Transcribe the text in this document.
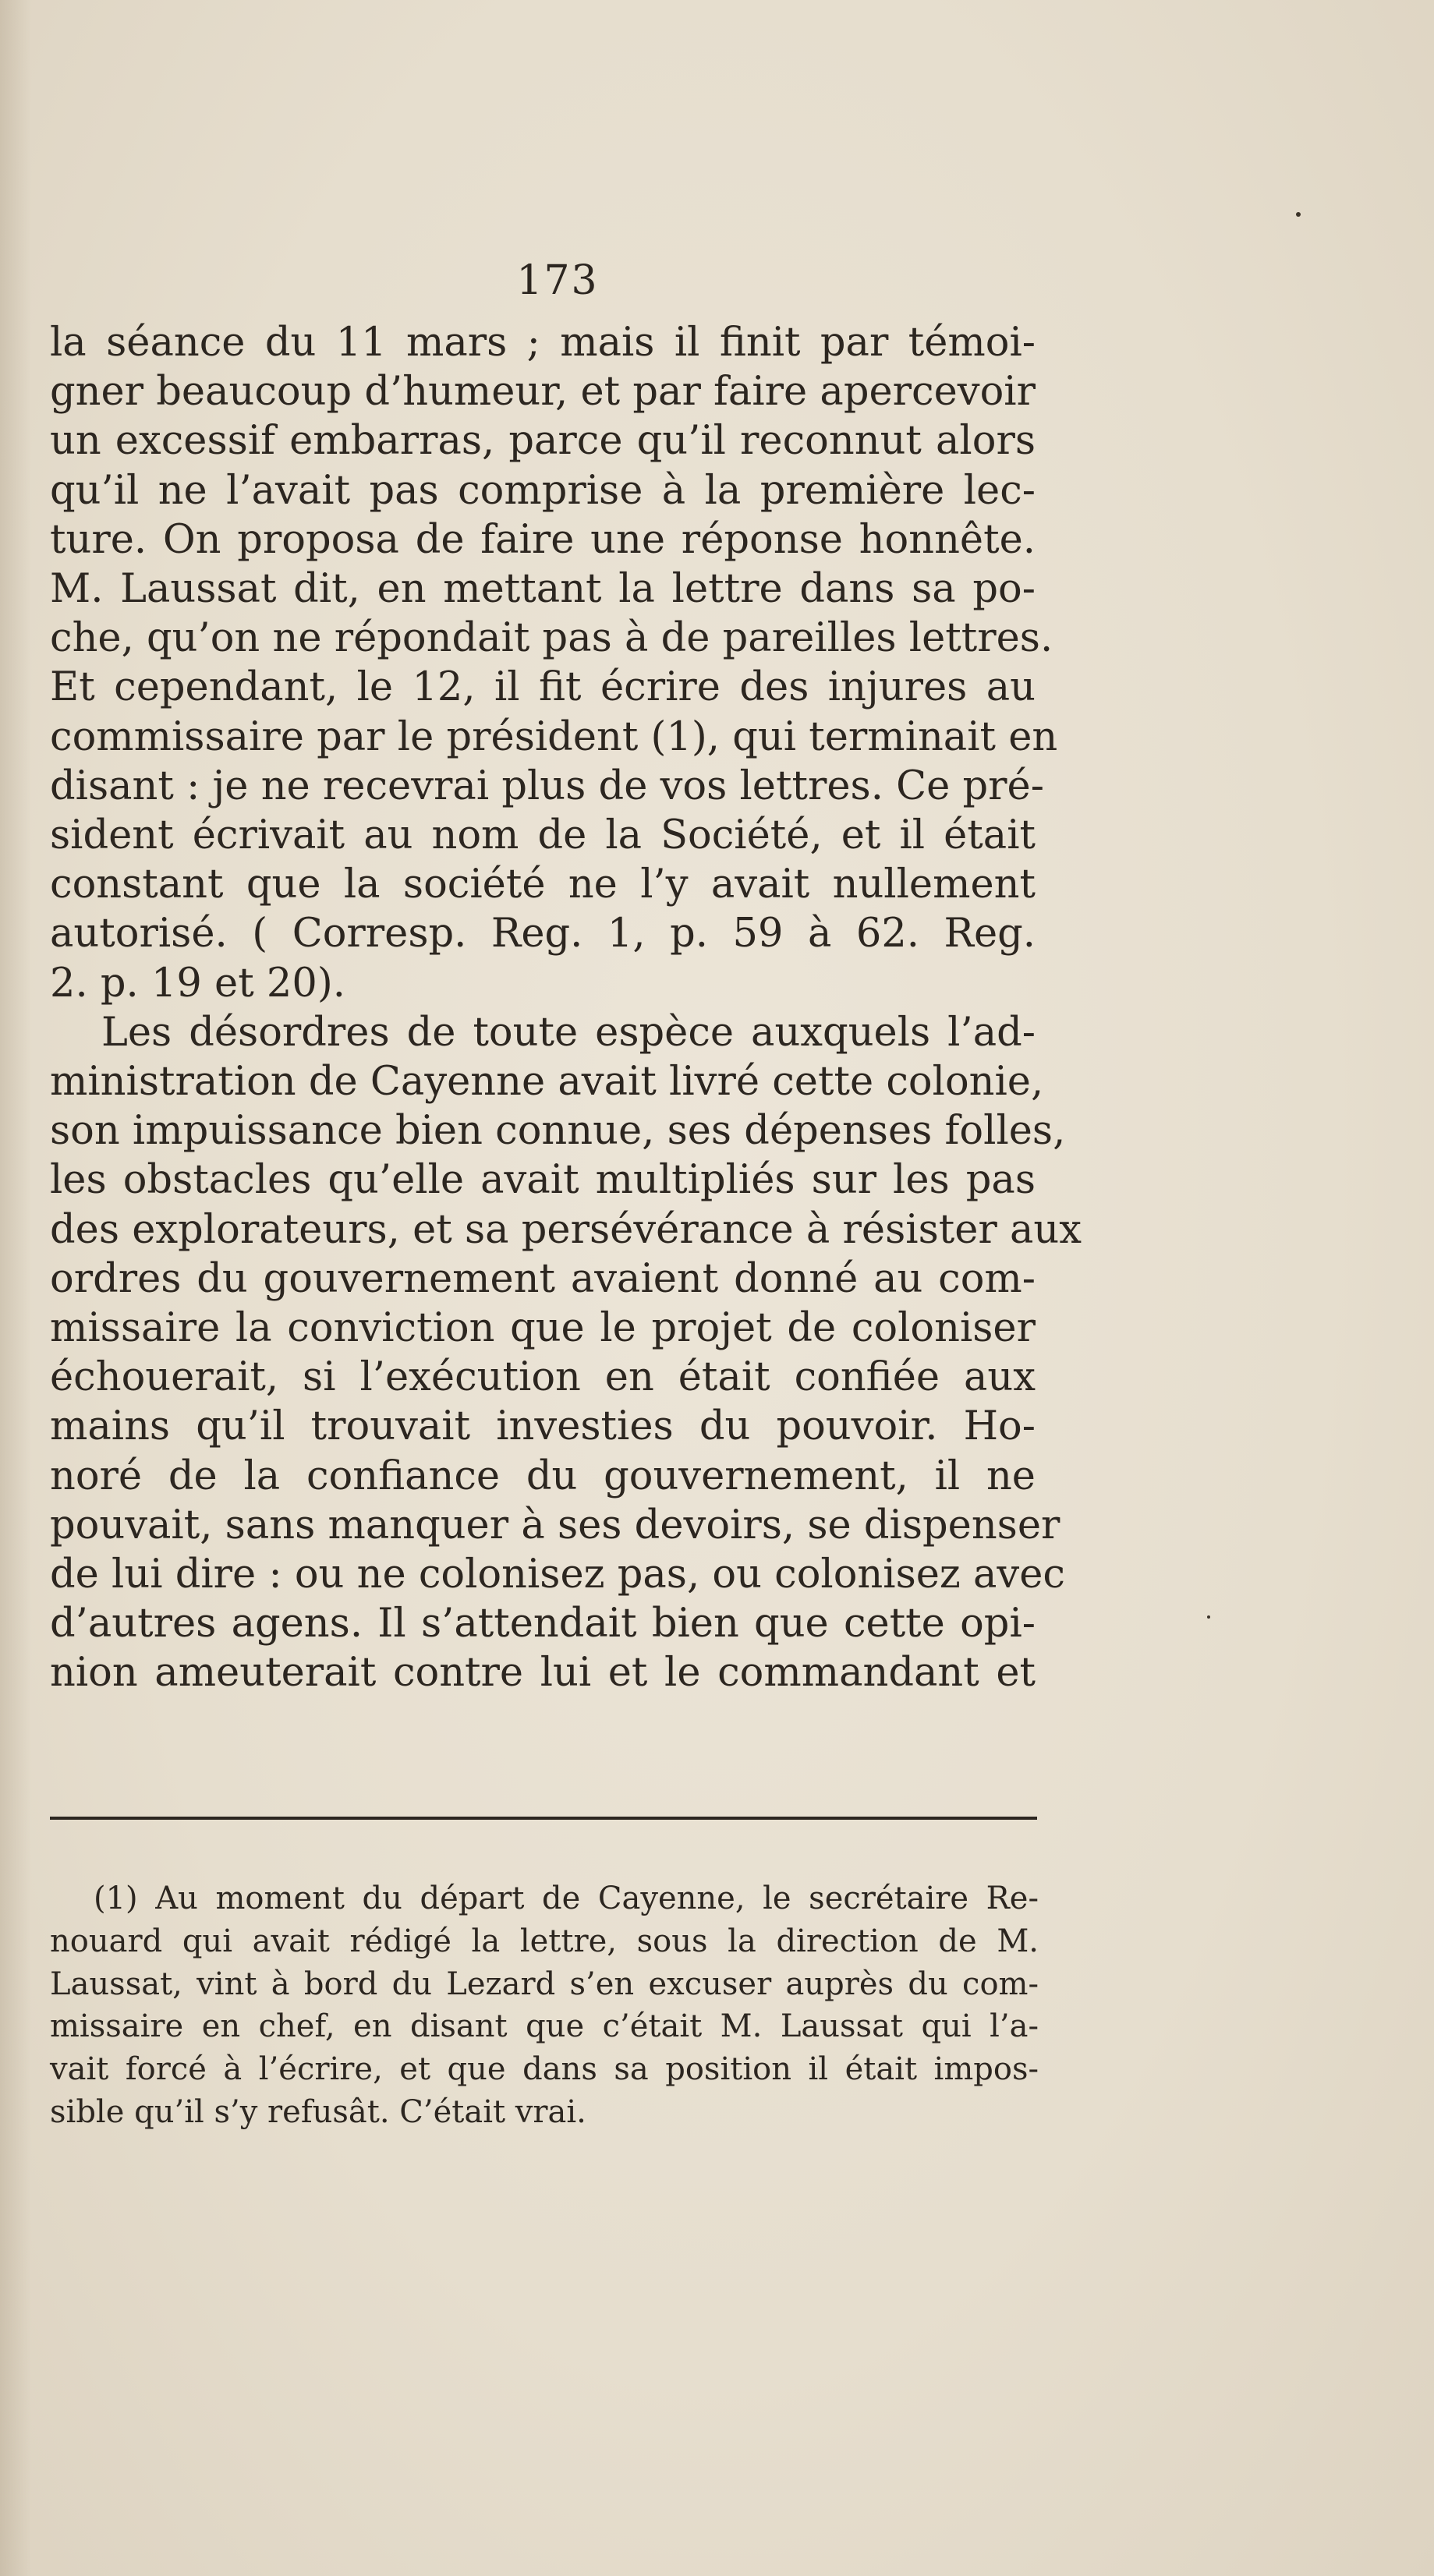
173
la séance du 11 mars ; mais il finit par témoi-
gner beaucoup d’humeur, et par faire apercevoir
un excessif embarras, parce qu’il reconnut alors
qu’il ne l’avait pas comprise à la première lec-
ture. On proposa de faire une réponse honnête.
M. Laussat dit, en mettant la lettre dans sa po-
che, qu’on ne répondait pas à de pareilles lettres.
Et cependant, le 12, il fit écrire des injures au
commissaire par le président (1), qui terminait en
disant : je ne recevrai plus de vos lettres. Ce pré-
sident écrivait au nom de la Société, et il était
constant que la société ne l’y avait nullement
autorisé. ( Corresp. Reg. 1, p. 59 à 62. Reg.
2. p. 19 et 20).
Les désordres de toute espèce auxquels l’ad-
ministration de Cayenne avait livré cette colonie,
son impuissance bien connue, ses dépenses folles,
les obstacles qu’elle avait multipliés sur les pas
des explorateurs, et sa persévérance à résister aux
ordres du gouvernement avaient donné au com-
missaire la conviction que le projet de coloniser
échouerait, si l’exécution en était confiée aux
mains qu’il trouvait investies du pouvoir. Ho-
noré de la confiance du gouvernement, il ne
pouvait, sans manquer à ses devoirs, se dispenser
de lui dire : ou ne colonisez pas, ou colonisez avec
d’autres agens. Il s’attendait bien que cette opi-
nion ameuterait contre lui et le commandant et
(1) Au moment du départ de Cayenne, le secrétaire Re-
nouard qui avait rédigé la lettre, sous la direction de M.
Laussat, vint à bord du Lezard s’en excuser auprès du com-
missaire en chef, en disant que c’était M. Laussat qui l’a-
vait forcé à l’écrire, et que dans sa position il était impos-
sible qu’il s’y refusât. C’était vrai.
